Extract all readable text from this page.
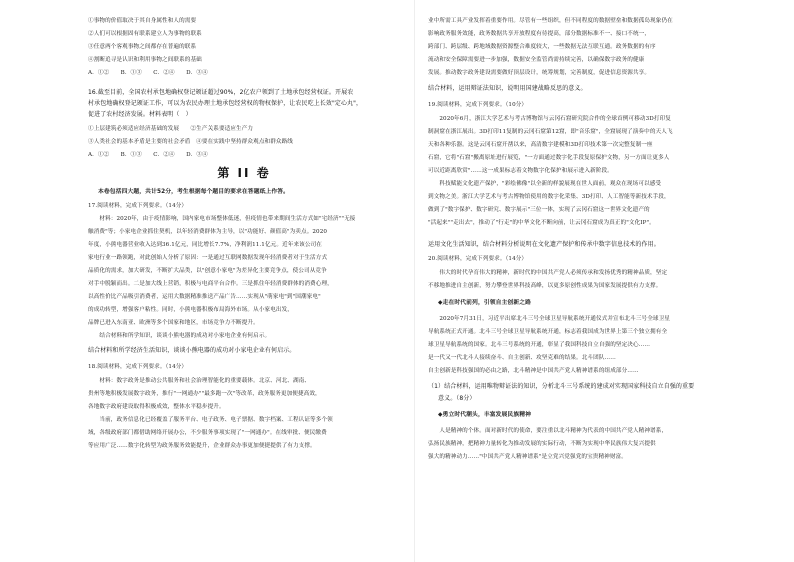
①事物的价值取决于其自身属性和人的需要
②人们可以根据固有联系建立人为事物的联系
③任意两个客观事物之间都存在普遍的联系
④割断追寻是认识和利用事物之间联系的基础
A．①②　　B．①③　　C．②④　　D．③④
16.截至目前，全国农村承包地确权登记颁证超过90%，2亿农户领到了土地承包经营权证。开展农
村承包地确权登记颁证工作，可以为农民办理土地承包经营权的物权保护，让农民吃上长效"定心丸"，
促进了农村经济发展。材料表明（　）
①上层建筑必须适应经济基础的发展　　②生产关系要适应生产力
③人类社会的基本矛盾是主要的社会矛盾　④要在实践中坚持群众观点和群众路线
A．①②　　B．①③　　C．②④　　D．③④
第 II 卷
本卷包括四大题，共计52分，考生根据每个题目的要求在答题纸上作答。
17.阅读材料，完成下列要求。（14分）
　　材料：2020年，由于疫情影响，国内家电市场整体低迷，但疫情也带来期间生活方式如"宅经济""无接
触消费"等；小家电企业抓住契机，以年轻消费群体为主导，以"功能好、颜值高"为卖点。2020
年度，小熊电器营业收入达到36.1亿元，同比增长7.7%，净利润11.1亿元。近年来该公司在
家电行业一路领跑，对此创始人分析了原因：一是通过互联网数据发现年轻消费者对于生活方式
品质化的需求，加大研发，不断扩大品类，以"创意小家电"为差异化主要竞争点，使公司从竞争
对手中脱颖而出。二是加大线上营销，积极与电商平台合作。三是抓住年轻消费群体的消费心理，
以高性价比产品吸引消费者，运用大数据精准推送产品广告……实现从"萌家电"到"国潮家电"
的成功转型，增强客户粘性。同时，小熊电器积极布局海外市场。从小家电出发，
品牌已进入东南亚、欧洲等多个国家和地区，市场竞争力不断提升。
　　结合材料和所学知识，谈谈小熊电器的成功对小家电企业有何启示。
结合材料和所学经济生活知识，谈谈小熊电器的成功对小家电企业有何启示。
18.阅读材料，完成下列要求。（14分）
　　材料：数字政务是推动公共服务和社会治理智能化的重要载体。北京、河北、湖南、
贵州等地积极发展数字政务，推行"一网通办""最多跑一次"等改革，政务服务更加便捷高效，
各地数字政府建设取得积极成效，整体水平稳步提升。
　　当前，政务信息化已经覆盖了服务平台、电子政务、电子票据、数字档案、工程认证等多个领
域，各级政府部门都借助网络开展办公，不少服务事项实现了"一网通办"。在线审批、便民缴费
等应用广泛……数字化转型为政务服务效能提升，企业群众办事更加便捷提供了有力支撑。
业中所需工具产业发挥着重要作用。尽管有一些组织，但不同程度的数据壁垒和数据孤岛现象仍在
影响政务服务效能，政务数据共享开放程度有待提高，部分数据标准不一、接口不统一，
跨部门、跨层级、跨地域数据资源整合难度较大，一些数据无法互联互通。政务数据的有序
流动和安全保障需要进一步加强，数据安全监管尚需持续完善，以确保数字政务的健康
发展。推动数字政务建设需要做好顶层设计，统筹规划，完善制度，促进信息资源共享。
结合材料，运用辩证法知识，说明用国建战略反思的意义。
19.阅读材料，完成下列要求。（10分）
　　2020年6月，浙江大学艺术与考古博物馆与云冈石窟研究院合作的全球首例可移动3D打印复
制洞窟在浙江展出。3D打印11复制的云冈石窟第12窟，即"音乐窟"，全窟展现了演奏中的天人飞
天和各种乐器。这是云冈石窟开凿以来，高清数字建模和3D打印技术第一次完整复制一座
石窟，它将"石窟"搬离原址进行展览，"一方面通过数字化手段复原保护文物，另一方面让更多人
可以近距离欣赏"……这一成果标志着文物数字化保护和展示进入新阶段。
　　科技赋能文化遗产保护，"彩绘佛像"以全新的样貌展现在世人面前，观众在现场可以感受
到文物之美。浙江大学艺术与考古博物馆使用的数字化采集、3D打印、人工智能等新技术手段，
做到了"数字保护、数字研究、数字展示"三位一体，实现了云冈石窟这一世界文化遗产的
"活起来""走出去"，推动了"行走"的中华文化不断向前，让云冈石窟成为真正的"文化IP"。
运用文化生活知识，结合材料分析说明在文化遗产保护和传承中数字信息技术的作用。
20.阅读材料，完成下列要求。（14分）
　　伟大的时代孕育伟大的精神，新时代的中国共产党人必须传承和发扬优秀的精神品质，坚定
不移地推进自主创新，努力攀登世界科技高峰，以更多原创性成果为国家发展提供有力支撑。
◆走在时代前列，引领自主创新之路
　　2020年7月31日，习近平出席北斗三号全球卫星导航系统开通仪式并宣布北斗三号全球卫星
导航系统正式开通。北斗三号全球卫星导航系统开通，标志着我国成为世界上第三个独立拥有全
球卫星导航系统的国家。北斗三号系统的开通，彰显了我国科技自立自强的坚定决心……
是一代又一代北斗人接续奋斗、自主创新、攻坚克难的结果。北斗团队……
自主创新是科技强国的必由之路，北斗精神是中国共产党人精神谱系的组成部分……
（1）结合材料，运用唯物辩证法的知识，分析北斗三号系统的建成对实现国家科技自立自强的重要
意义。（8分）
◆勇立时代潮头，丰富发展民族精神
　　人是精神的个体。面对新时代的使命，要注重以北斗精神为代表的中国共产党人精神谱系，
弘扬民族精神，把精神力量转化为推动发展的实际行动，不断为实现中华民族伟大复兴提供
强大的精神动力……"中国共产党人精神谱系"是立党兴党强党的宝贵精神财富。
